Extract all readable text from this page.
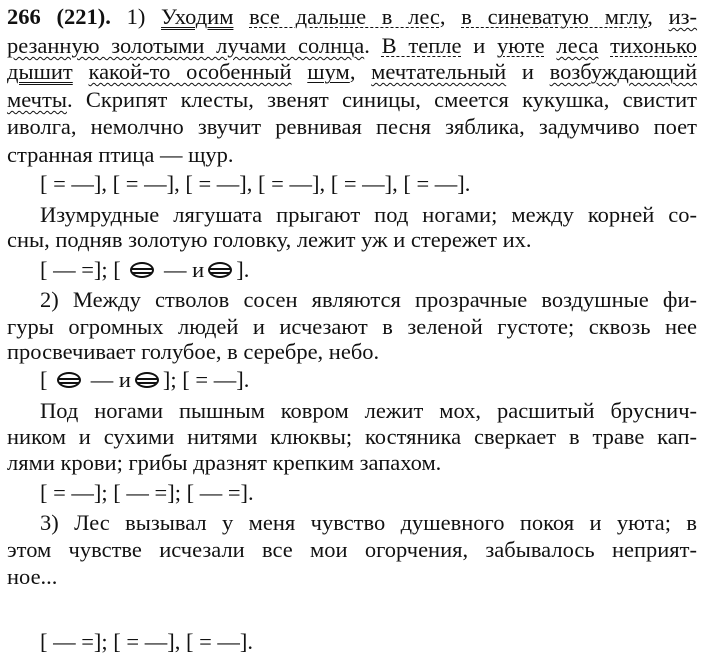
266 (221). 1) Уходим все дальше в лес, в синеватую мглу, из-
резанную золотыми лучами солнца. В тепле и уюте леса тихонько
дышит какой-то особенный шум, мечтательный и возбуждающий
мечты. Скрипят клесты, звенят синицы, смеется кукушка, свистит
иволга, немолчно звучит ревнивая песня зяблика, задумчиво поет
странная птица — щур.
[ = —], [ = —], [ = —], [ = —], [ = —], [ = —].
Изумрудные лягушата прыгают под ногами; между корней со-
сны, подняв золотую головку, лежит уж и стережет их.
[ — =]; [  — и ].
2) Между стволов сосен являются прозрачные воздушные фи-
гуры огромных людей и исчезают в зеленой густоте; сквозь нее
просвечивает голубое, в серебре, небо.
[  — и ]; [ = —].
Под ногами пышным ковром лежит мох, расшитый бруснич-
ником и сухими нитями клюквы; костяника сверкает в траве кап-
лями крови; грибы дразнят крепким запахом.
[ = —]; [ — =]; [ — =].
3) Лес вызывал у меня чувство душевного покоя и уюта; в
этом чувстве исчезали все мои огорчения, забывалось неприят-
ное...
[ — =]; [ = —], [ = —].
